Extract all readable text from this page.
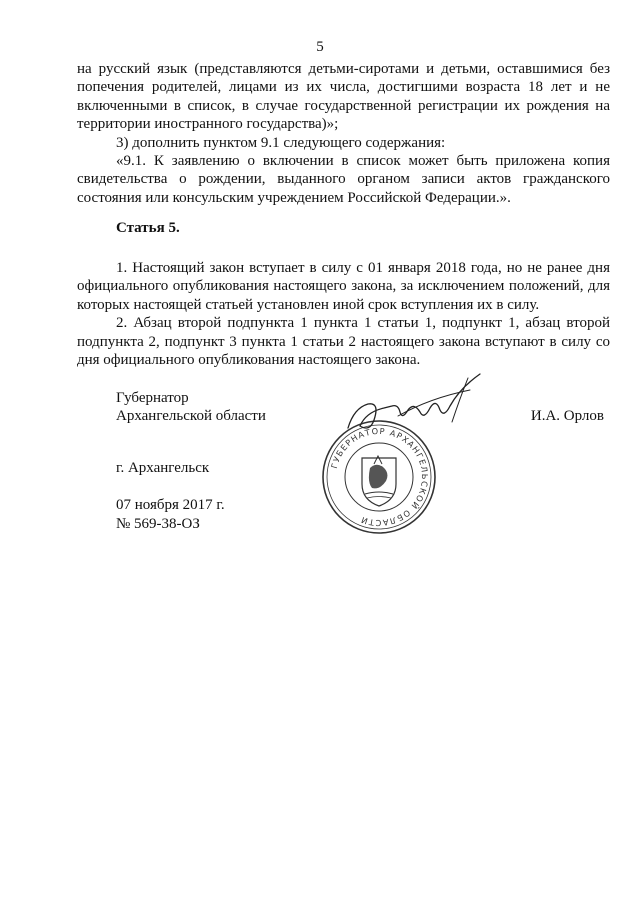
5

на русский язык (представляются детьми-сиротами и детьми, оставшимися без попечения родителей, лицами из их числа, достигшими возраста 18 лет и не включенными в список, в случае государственной регистрации их рождения на территории иностранного государства)»;

3) дополнить пунктом 9.1 следующего содержания:

«9.1. К заявлению о включении в список может быть приложена копия свидетельства о рождении, выданного органом записи актов гражданского состояния или консульским учреждением Российской Федерации.».

Статья 5.

1. Настоящий закон вступает в силу с 01 января 2018 года, но не ранее дня официального опубликования настоящего закона, за исключением положений, для которых настоящей статьей установлен иной срок вступления их в силу.

2. Абзац второй подпункта 1 пункта 1 статьи 1, подпункт 1, абзац второй подпункта 2, подпункт 3 пункта 1 статьи 2 настоящего закона вступают в силу со дня официального опубликования настоящего закона.

Губернатор
Архангельской области	И.А. Орлов
ГУБЕРНАТОР АРХАНГЕЛЬСКОЙ ОБЛАСТИ
г. Архангельск
07 ноября 2017 г.
№ 569-38-ОЗ
